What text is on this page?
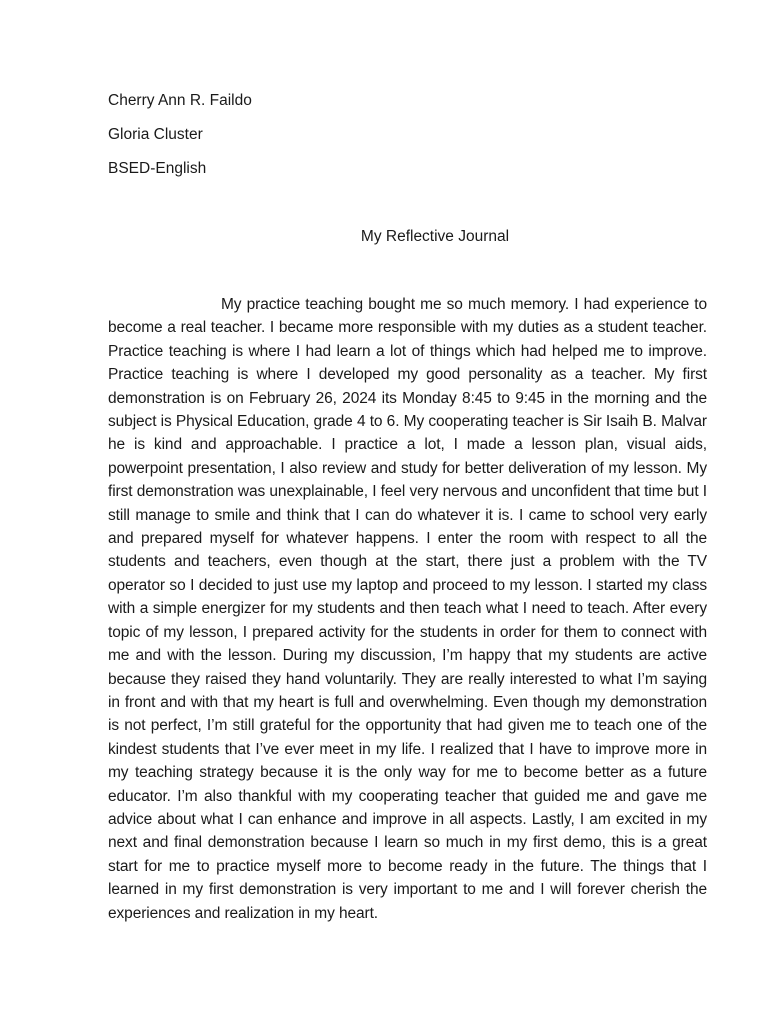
Cherry Ann R. Faildo
Gloria Cluster
BSED-English
My Reflective Journal

My practice teaching bought me so much memory. I had experience to become a real teacher. I became more responsible with my duties as a student teacher. Practice teaching is where I had learn a lot of things which had helped me to improve. Practice teaching is where I developed my good personality as a teacher. My first demonstration is on February 26, 2024 its Monday 8:45 to 9:45 in the morning and the subject is Physical Education, grade 4 to 6. My cooperating teacher is Sir Isaih B. Malvar he is kind and approachable. I practice a lot, I made a lesson plan, visual aids, powerpoint presentation, I also review and study for better deliveration of my lesson. My first demonstration was unexplainable, I feel very nervous and unconfident that time but I still manage to smile and think that I can do whatever it is. I came to school very early and prepared myself for whatever happens. I enter the room with respect to all the students and teachers, even though at the start, there just a problem with the TV operator so I decided to just use my laptop and proceed to my lesson. I started my class with a simple energizer for my students and then teach what I need to teach. After every topic of my lesson, I prepared activity for the students in order for them to connect with me and with the lesson. During my discussion, I’m happy that my students are active because they raised they hand voluntarily. They are really interested to what I’m saying in front and with that my heart is full and overwhelming. Even though my demonstration is not perfect, I’m still grateful for the opportunity that had given me to teach one of the kindest students that I’ve ever meet in my life. I realized that I have to improve more in my teaching strategy because it is the only way for me to become better as a future educator. I’m also thankful with my cooperating teacher that guided me and gave me advice about what I can enhance and improve in all aspects. Lastly, I am excited in my next and final demonstration because I learn so much in my first demo, this is a great start for me to practice myself more to become ready in the future. The things that I learned in my first demonstration is very important to me and I will forever cherish the experiences and realization in my heart.
